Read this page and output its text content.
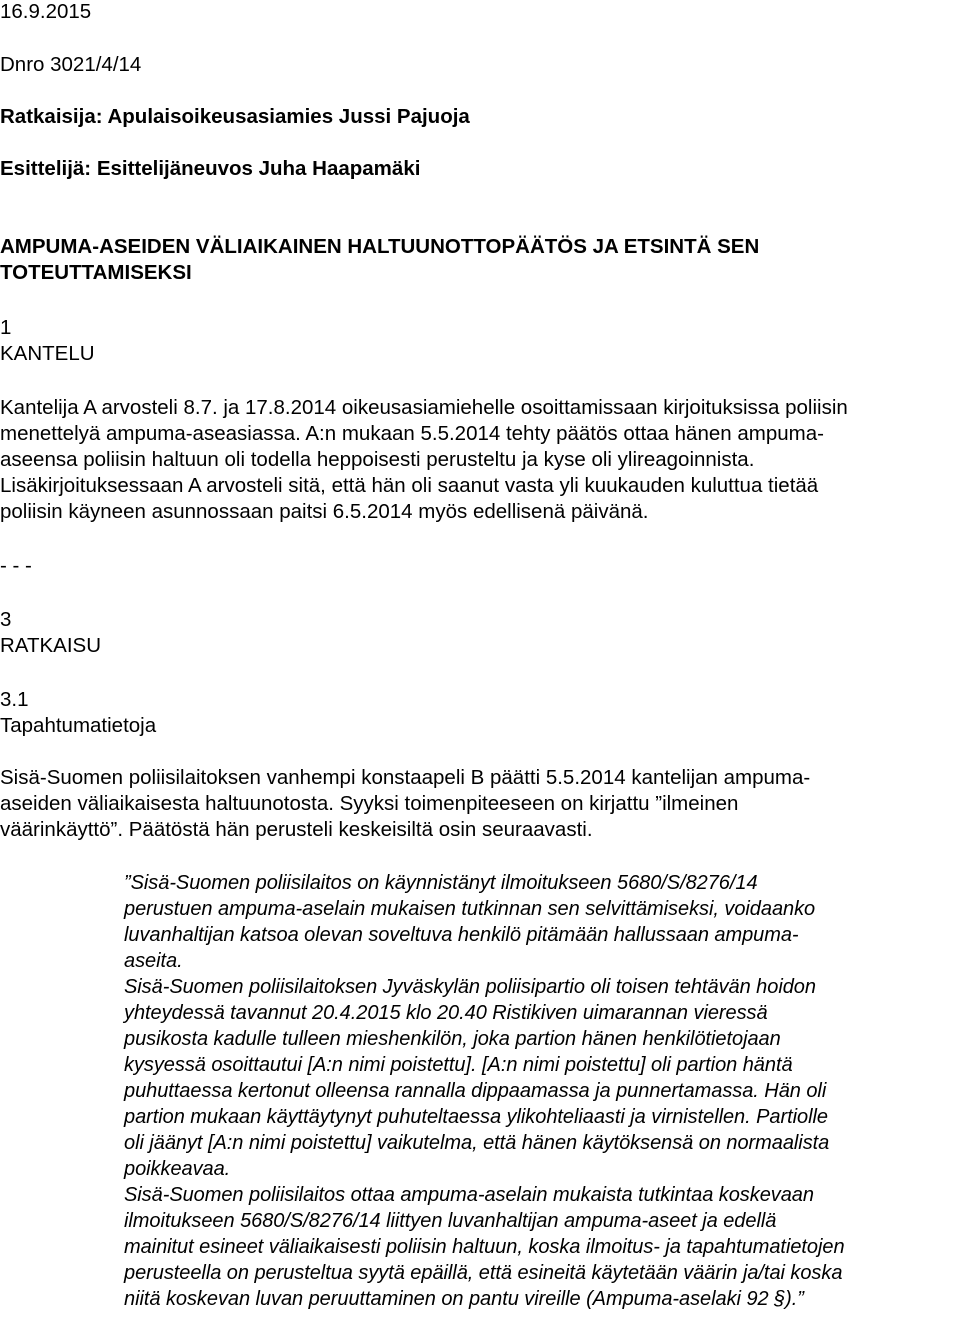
16.9.2015

Dnro 3021/4/14

Ratkaisija: Apulaisoikeusasiamies Jussi Pajuoja

Esittelijä: Esittelijäneuvos Juha Haapamäki

AMPUMA-ASEIDEN VÄLIAIKAINEN HALTUUNOTTOPÄÄTÖS JA ETSINTÄ SEN

TOTEUTTAMISEKSI

1

KANTELU

Kantelija A arvosteli 8.7. ja 17.8.2014 oikeusasiamiehelle osoittamissaan kirjoituksissa poliisin

menettelyä ampuma-aseasiassa. A:n mukaan 5.5.2014 tehty päätös ottaa hänen ampuma-

aseensa poliisin haltuun oli todella heppoisesti perusteltu ja kyse oli ylireagoinnista.

Lisäkirjoituksessaan A arvosteli sitä, että hän oli saanut vasta yli kuukauden kuluttua tietää

poliisin käyneen asunnossaan paitsi 6.5.2014 myös edellisenä päivänä.

- - -

3

RATKAISU

3.1

Tapahtumatietoja

Sisä-Suomen poliisilaitoksen vanhempi konstaapeli B päätti 5.5.2014 kantelijan ampuma-

aseiden väliaikaisesta haltuunotosta. Syyksi toimenpiteeseen on kirjattu ”ilmeinen

väärinkäyttö”. Päätöstä hän perusteli keskeisiltä osin seuraavasti.

”Sisä-Suomen poliisilaitos on käynnistänyt ilmoitukseen 5680/S/8276/14

perustuen ampuma-aselain mukaisen tutkinnan sen selvittämiseksi, voidaanko

luvanhaltijan katsoa olevan soveltuva henkilö pitämään hallussaan ampuma-

aseita.

Sisä-Suomen poliisilaitoksen Jyväskylän poliisipartio oli toisen tehtävän hoidon

yhteydessä tavannut 20.4.2015 klo 20.40 Ristikiven uimarannan vieressä

pusikosta kadulle tulleen mieshenkilön, joka partion hänen henkilötietojaan

kysyessä osoittautui [A:n nimi poistettu]. [A:n nimi poistettu] oli partion häntä

puhuttaessa kertonut olleensa rannalla dippaamassa ja punnertamassa. Hän oli

partion mukaan käyttäytynyt puhuteltaessa ylikohteliaasti ja virnistellen. Partiolle

oli jäänyt [A:n nimi poistettu] vaikutelma, että hänen käytöksensä on normaalista

poikkeavaa.

Sisä-Suomen poliisilaitos ottaa ampuma-aselain mukaista tutkintaa koskevaan

ilmoitukseen 5680/S/8276/14 liittyen luvanhaltijan ampuma-aseet ja edellä

mainitut esineet väliaikaisesti poliisin haltuun, koska ilmoitus- ja tapahtumatietojen

perusteella on perusteltua syytä epäillä, että esineitä käytetään väärin ja/tai koska

niitä koskevan luvan peruuttaminen on pantu vireille (Ampuma-aselaki 92 §).”
